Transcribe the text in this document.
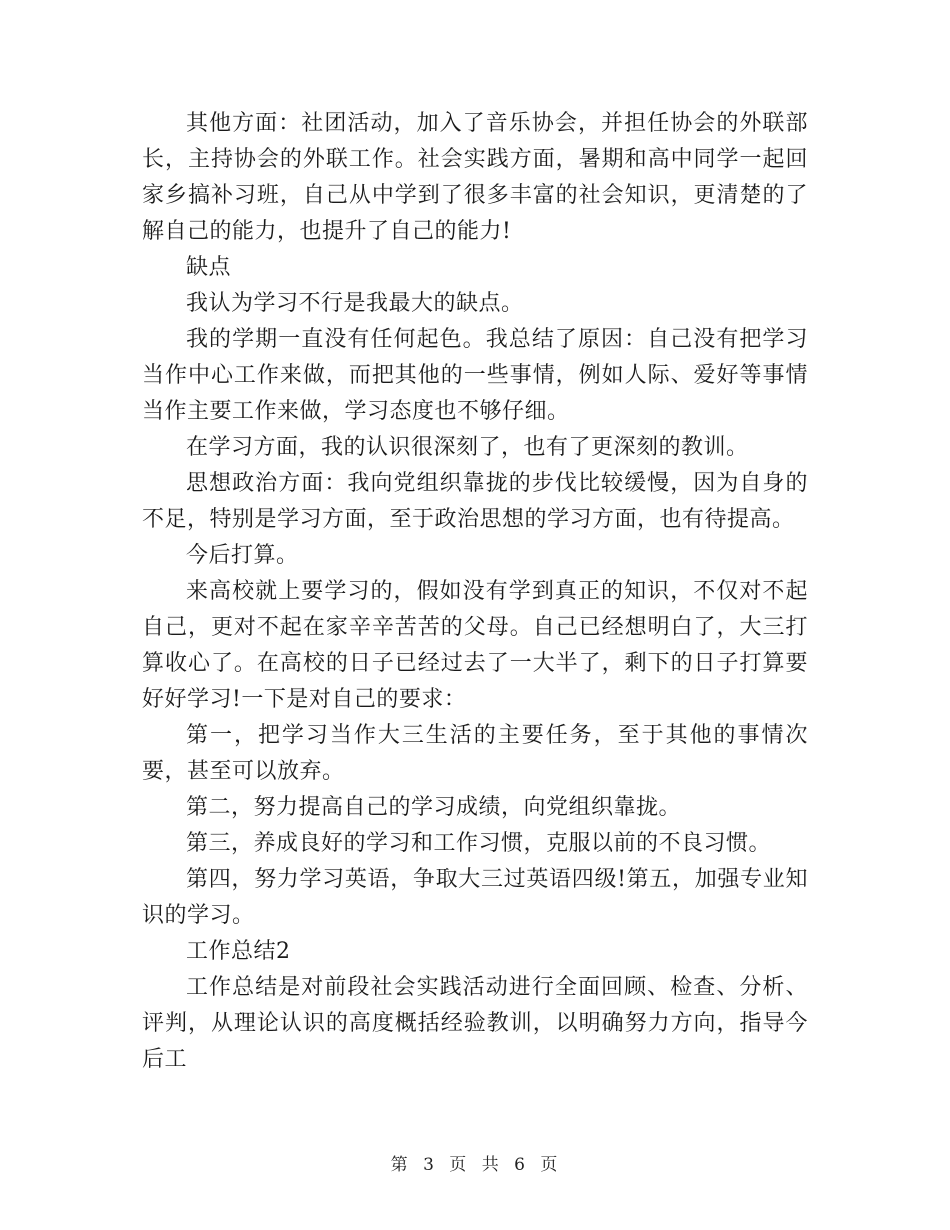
其他方面：社团活动，加入了音乐协会，并担任协会的外联部长，主持协会的外联工作。社会实践方面，暑期和高中同学一起回家乡搞补习班，自己从中学到了很多丰富的社会知识，更清楚的了解自己的能力，也提升了自己的能力!

缺点

我认为学习不行是我最大的缺点。

我的学期一直没有任何起色。我总结了原因：自己没有把学习当作中心工作来做，而把其他的一些事情，例如人际、爱好等事情当作主要工作来做，学习态度也不够仔细。

在学习方面，我的认识很深刻了，也有了更深刻的教训。

思想政治方面：我向党组织靠拢的步伐比较缓慢，因为自身的不足，特别是学习方面，至于政治思想的学习方面，也有待提高。

今后打算。

来高校就上要学习的，假如没有学到真正的知识，不仅对不起自己，更对不起在家辛辛苦苦的父母。自己已经想明白了，大三打算收心了。在高校的日子已经过去了一大半了，剩下的日子打算要好好学习!一下是对自己的要求：

第一，把学习当作大三生活的主要任务，至于其他的事情次要，甚至可以放弃。

第二，努力提高自己的学习成绩，向党组织靠拢。

第三，养成良好的学习和工作习惯，克服以前的不良习惯。

第四，努力学习英语，争取大三过英语四级!第五，加强专业知识的学习。

工作总结2

工作总结是对前段社会实践活动进行全面回顾、检查、分析、评判，从理论认识的高度概括经验教训，以明确努力方向，指导今后工

第 3 页 共 6 页
